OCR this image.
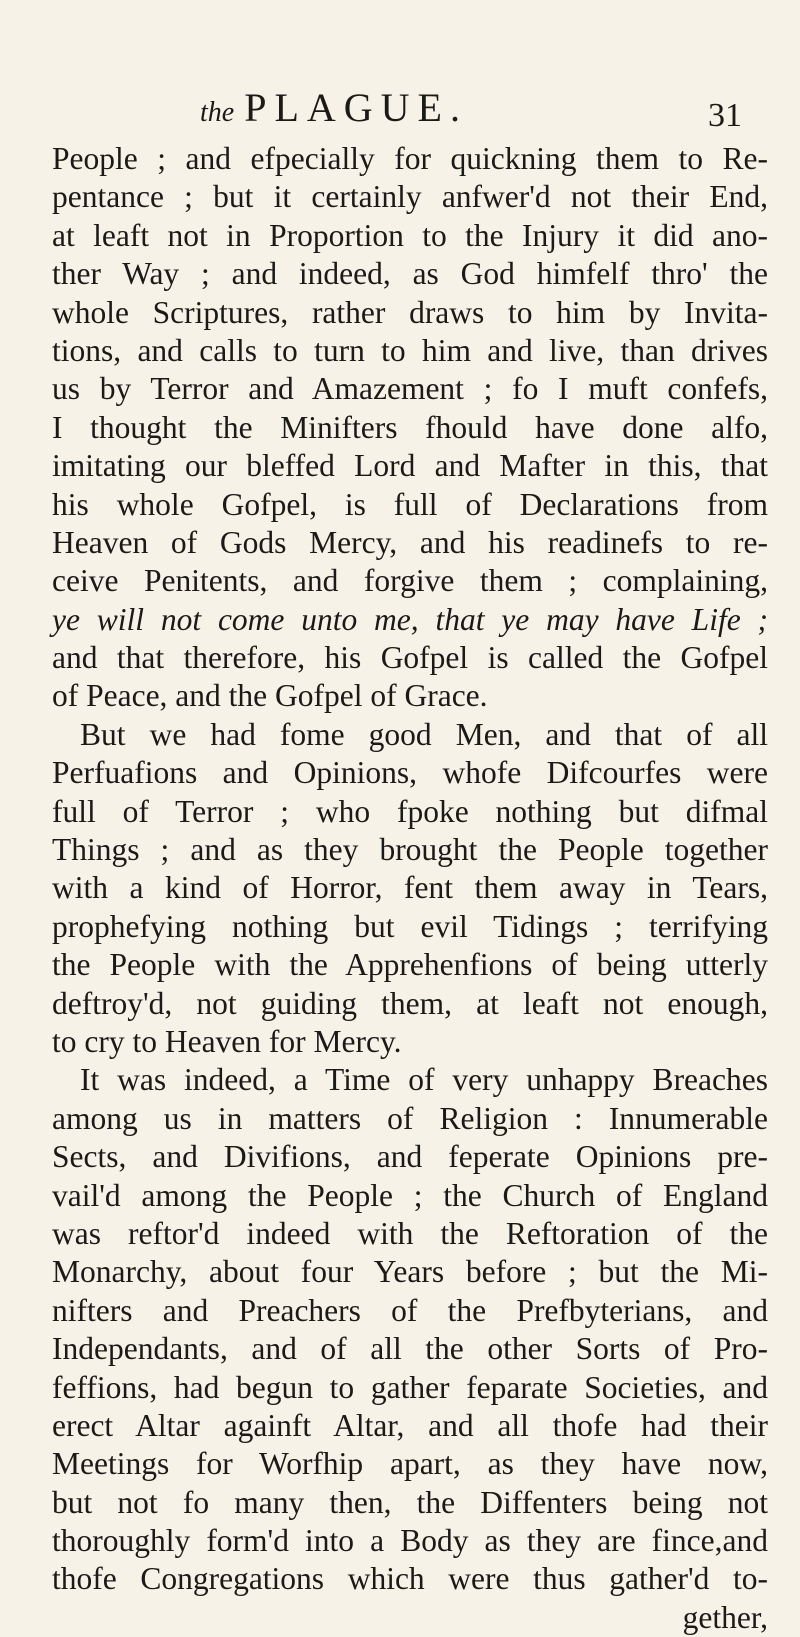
the PLAGUE.	31
People ; and efpecially for quickning them to Re-
pentance ; but it certainly anfwer'd not their End,
at leaft not in Proportion to the Injury it did ano-
ther Way ; and indeed, as God himfelf thro' the
whole Scriptures, rather draws to him by Invita-
tions, and calls to turn to him and live, than drives
us by Terror and Amazement ; fo I muft confefs,
I thought the Minifters fhould have done alfo,
imitating our bleffed Lord and Mafter in this, that
his whole Gofpel, is full of Declarations from
Heaven of Gods Mercy, and his readinefs to re-
ceive Penitents, and forgive them ; complaining,
ye will not come unto me, that ye may have Life ;
and that therefore, his Gofpel is called the Gofpel
of Peace, and the Gofpel of Grace.
But we had fome good Men, and that of all
Perfuafions and Opinions, whofe Difcourfes were
full of Terror ; who fpoke nothing but difmal
Things ; and as they brought the People together
with a kind of Horror, fent them away in Tears,
prophefying nothing but evil Tidings ; terrifying
the People with the Apprehenfions of being utterly
deftroy'd, not guiding them, at leaft not enough,
to cry to Heaven for Mercy.
It was indeed, a Time of very unhappy Breaches
among us in matters of Religion : Innumerable
Sects, and Divifions, and feperate Opinions pre-
vail'd among the People ; the Church of England
was reftor'd indeed with the Reftoration of the
Monarchy, about four Years before ; but the Mi-
nifters and Preachers of the Prefbyterians, and
Independants, and of all the other Sorts of Pro-
feffions, had begun to gather feparate Societies, and
erect Altar againft Altar, and all thofe had their
Meetings for Worfhip apart, as they have now,
but not fo many then, the Diffenters being not
thoroughly form'd into a Body as they are fince,and
thofe Congregations which were thus gather'd to-
gether,
